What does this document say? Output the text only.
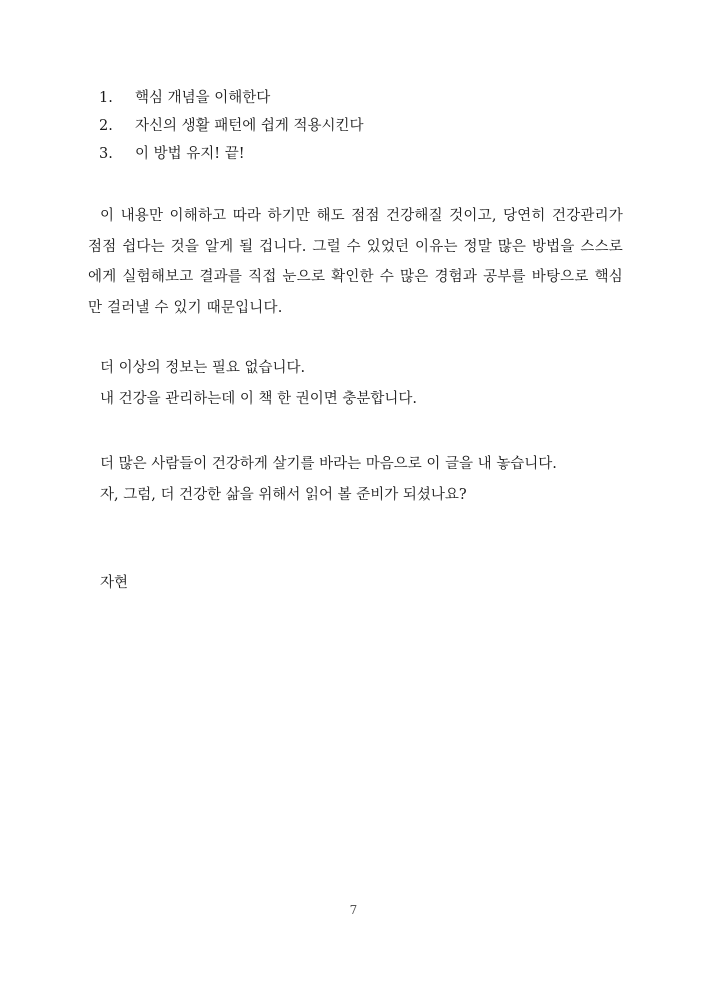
1.	핵심 개념을 이해한다
2.	자신의 생활 패턴에 쉽게 적용시킨다
3.	이 방법 유지! 끝!

이 내용만 이해하고 따라 하기만 해도 점점 건강해질 것이고, 당연히 건강관리가 점점 쉽다는 것을 알게 될 겁니다. 그럴 수 있었던 이유는 정말 많은 방법을 스스로에게 실험해보고 결과를 직접 눈으로 확인한 수 많은 경험과 공부를 바탕으로 핵심만 걸러낼 수 있기 때문입니다.

더 이상의 정보는 필요 없습니다.

내 건강을 관리하는데 이 책 한 권이면 충분합니다.

더 많은 사람들이 건강하게 살기를 바라는 마음으로 이 글을 내 놓습니다.

자, 그럼, 더 건강한 삶을 위해서 읽어 볼 준비가 되셨나요?

자현
7
